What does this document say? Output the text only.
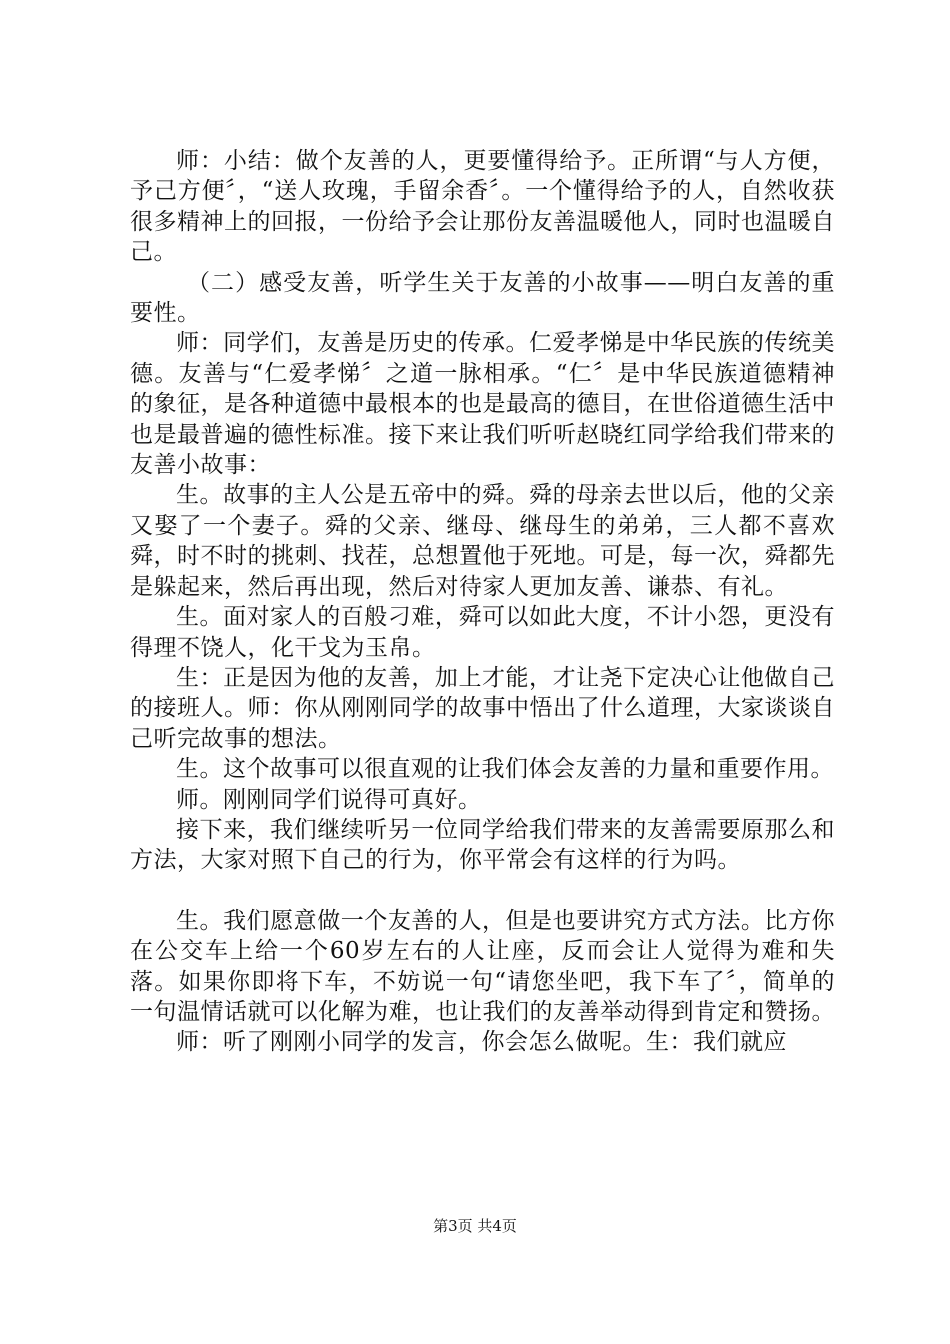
师：小结：做个友善的人，更要懂得给予。正所谓“与人方便，予己方便〞，“送人玫瑰，手留余香〞。一个懂得给予的人，自然收获很多精神上的回报，一份给予会让那份友善温暖他人，同时也温暖自己。

（二）感受友善，听学生关于友善的小故事——明白友善的重要性。

师：同学们，友善是历史的传承。仁爱孝悌是中华民族的传统美德。友善与“仁爱孝悌〞之道一脉相承。“仁〞是中华民族道德精神的象征，是各种道德中最根本的也是最高的德目，在世俗道德生活中也是最普遍的德性标准。接下来让我们听听赵晓红同学给我们带来的友善小故事：

生。故事的主人公是五帝中的舜。舜的母亲去世以后，他的父亲又娶了一个妻子。舜的父亲、继母、继母生的弟弟，三人都不喜欢舜，时不时的挑刺、找茬，总想置他于死地。可是，每一次，舜都先是躲起来，然后再出现，然后对待家人更加友善、谦恭、有礼。

生。面对家人的百般刁难，舜可以如此大度，不计小怨，更没有得理不饶人，化干戈为玉帛。

生：正是因为他的友善，加上才能，才让尧下定决心让他做自己的接班人。师：你从刚刚同学的故事中悟出了什么道理，大家谈谈自己听完故事的想法。

生。这个故事可以很直观的让我们体会友善的力量和重要作用。

师。刚刚同学们说得可真好。

接下来，我们继续听另一位同学给我们带来的友善需要原那么和方法，大家对照下自己的行为，你平常会有这样的行为吗。

生。我们愿意做一个友善的人，但是也要讲究方式方法。比方你在公交车上给一个60岁左右的人让座，反而会让人觉得为难和失落。如果你即将下车，不妨说一句“请您坐吧，我下车了〞，简单的一句温情话就可以化解为难，也让我们的友善举动得到肯定和赞扬。

师：听了刚刚小同学的发言，你会怎么做呢。生：我们就应

第3页 共4页
